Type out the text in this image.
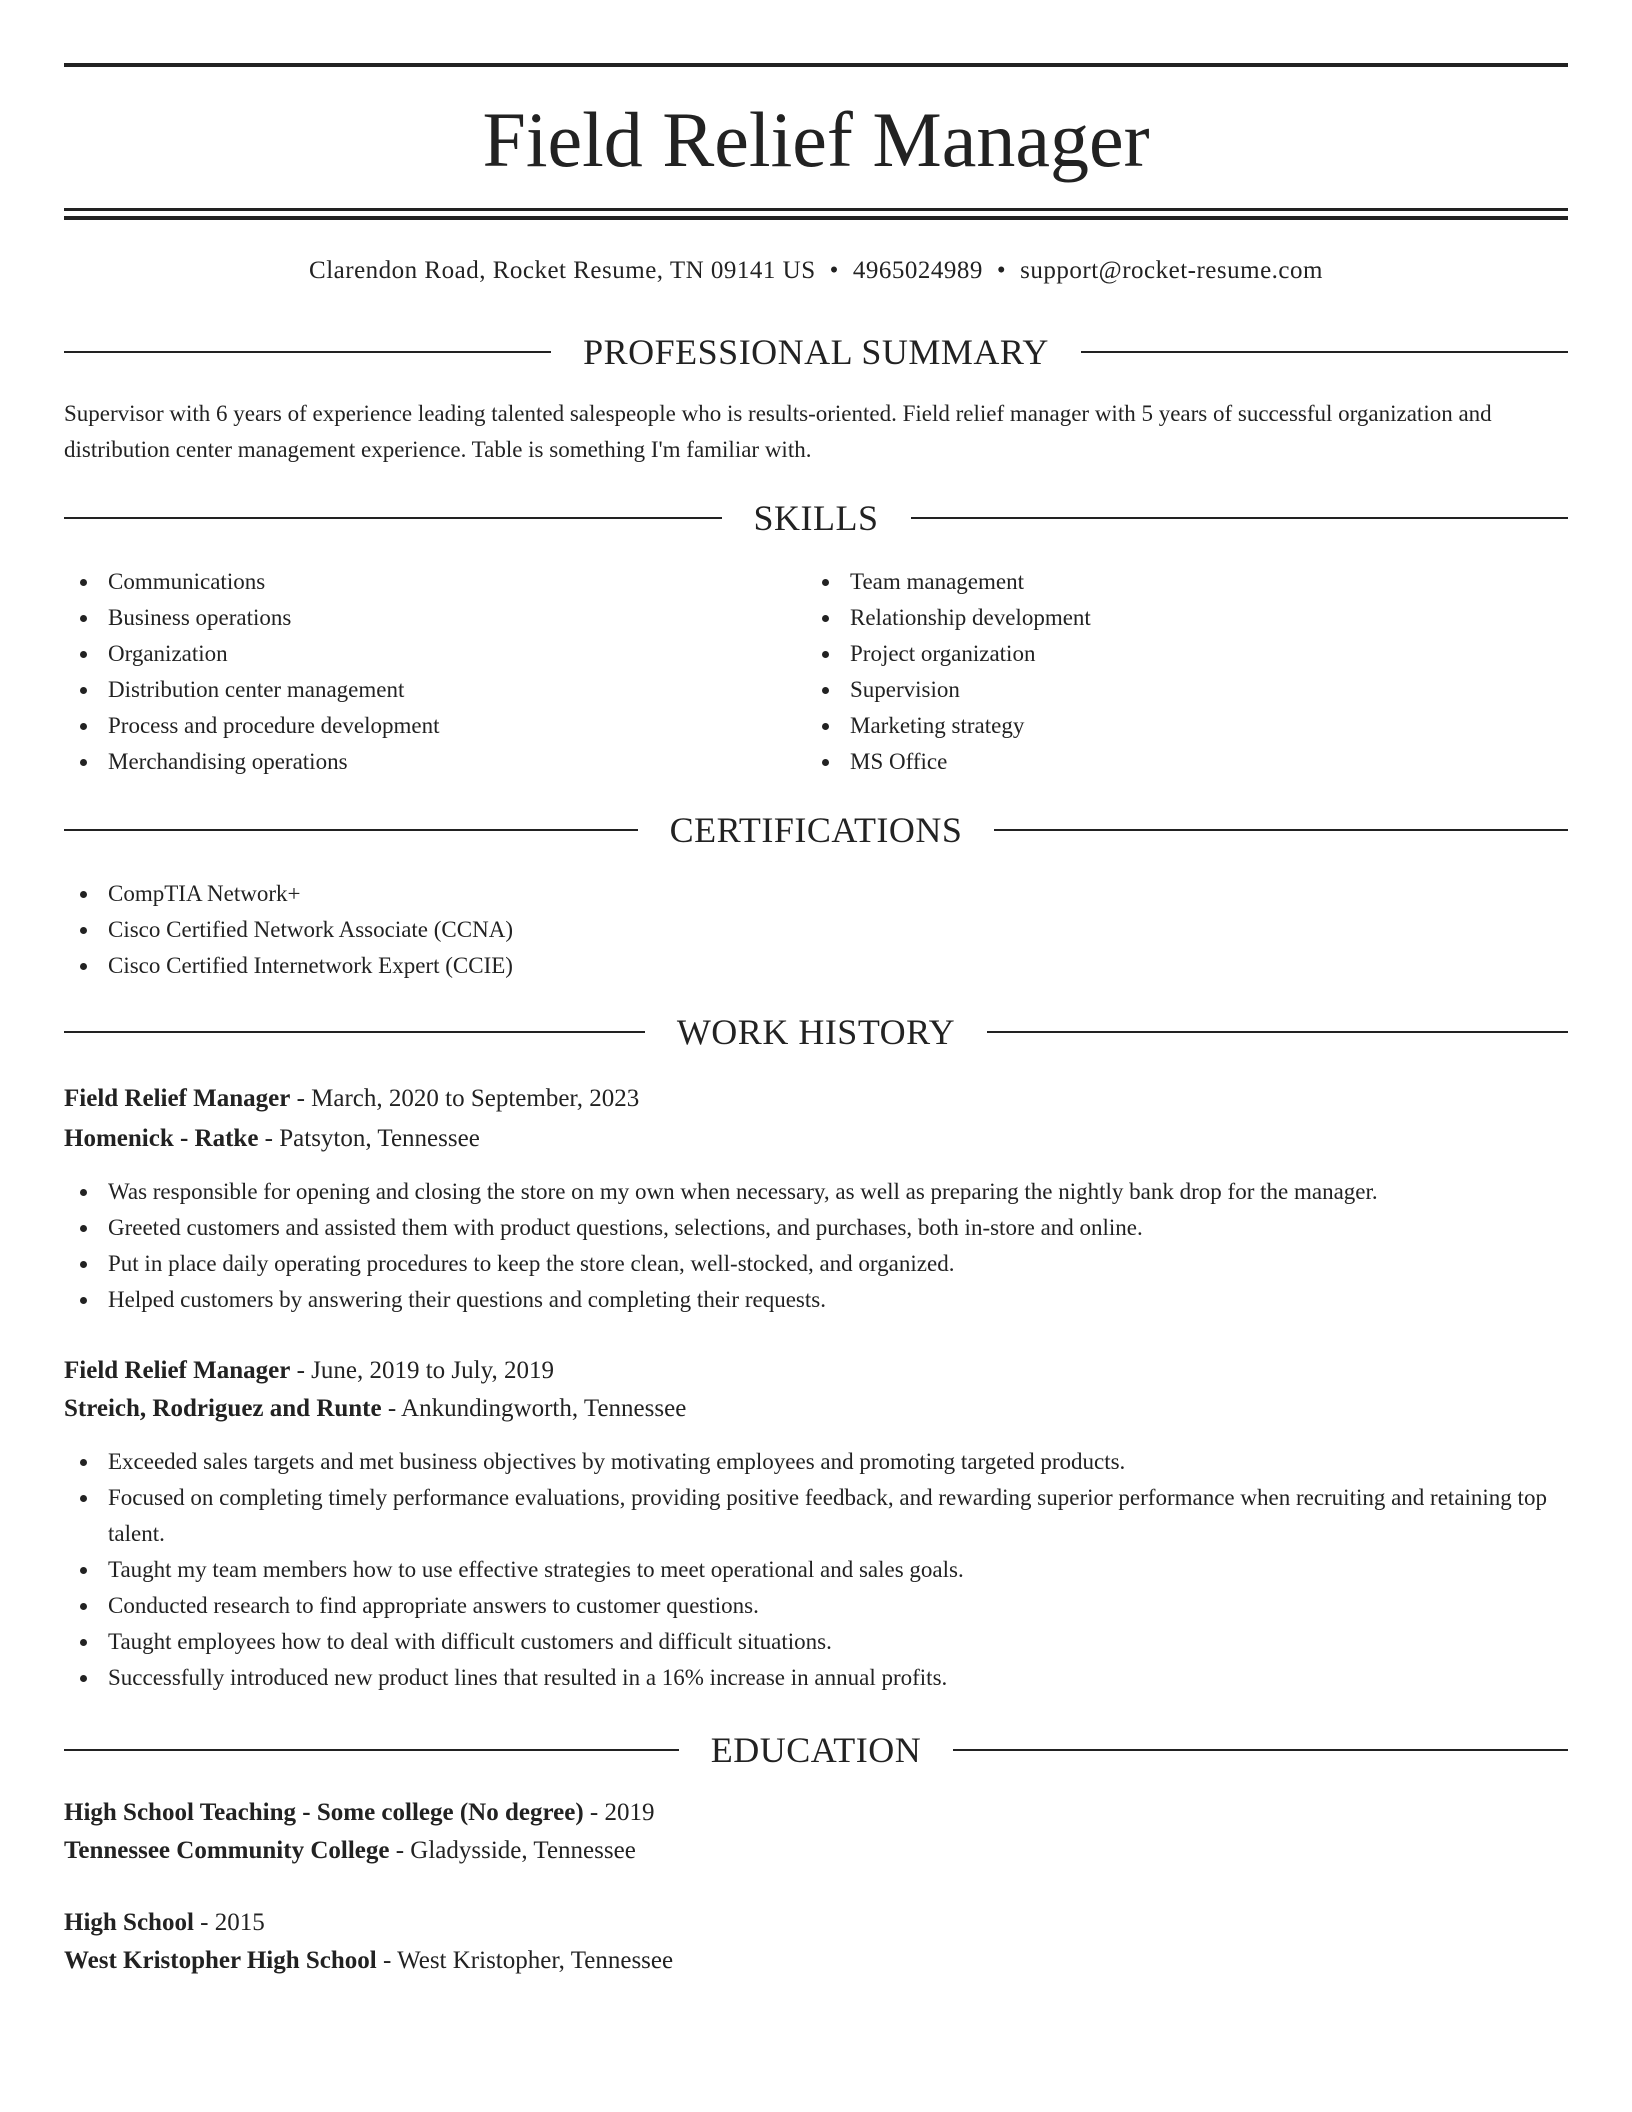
Field Relief Manager
Clarendon Road, Rocket Resume, TN 09141 US • 4965024989 • support@rocket-resume.com
PROFESSIONAL SUMMARY

Supervisor with 6 years of experience leading talented salespeople who is results-oriented. Field relief manager with 5 years of successful organization and distribution center management experience. Table is something I'm familiar with.

SKILLS
Communications
Business operations
Organization
Distribution center management
Process and procedure development
Merchandising operations
Team management
Relationship development
Project organization
Supervision
Marketing strategy
MS Office
CERTIFICATIONS
CompTIA Network+
Cisco Certified Network Associate (CCNA)
Cisco Certified Internetwork Expert (CCIE)
WORK HISTORY
Field Relief Manager - March, 2020 to September, 2023
Homenick - Ratke - Patsyton, Tennessee
Was responsible for opening and closing the store on my own when necessary, as well as preparing the nightly bank drop for the manager.
Greeted customers and assisted them with product questions, selections, and purchases, both in-store and online.
Put in place daily operating procedures to keep the store clean, well-stocked, and organized.
Helped customers by answering their questions and completing their requests.
Field Relief Manager - June, 2019 to July, 2019
Streich, Rodriguez and Runte - Ankundingworth, Tennessee
Exceeded sales targets and met business objectives by motivating employees and promoting targeted products.
Focused on completing timely performance evaluations, providing positive feedback, and rewarding superior performance when recruiting and retaining top talent.
Taught my team members how to use effective strategies to meet operational and sales goals.
Conducted research to find appropriate answers to customer questions.
Taught employees how to deal with difficult customers and difficult situations.
Successfully introduced new product lines that resulted in a 16% increase in annual profits.
EDUCATION
High School Teaching - Some college (No degree) - 2019
Tennessee Community College - Gladysside, Tennessee
High School - 2015
West Kristopher High School - West Kristopher, Tennessee
